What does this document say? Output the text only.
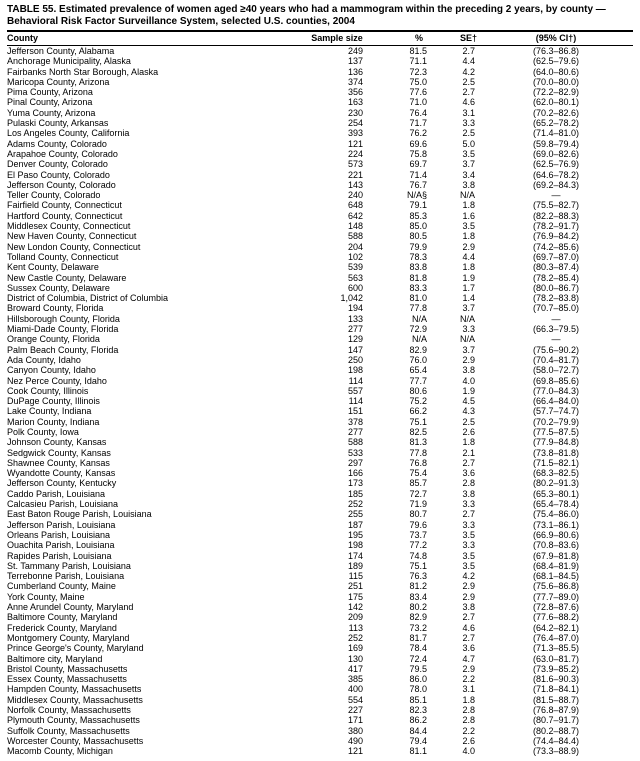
TABLE 55. Estimated prevalence of women aged ≥40 years who had a mammogram within the preceding 2 years, by county —
Behavioral Risk Factor Surveillance System, selected U.S. counties, 2004
County	Sample size	%	SE†	(95% CI†)
Jefferson County, Alabama	249	81.5	2.7	(76.3–86.8)
Anchorage Municipality, Alaska	137	71.1	4.4	(62.5–79.6)
Fairbanks North Star Borough, Alaska	136	72.3	4.2	(64.0–80.6)
Maricopa County, Arizona	374	75.0	2.5	(70.0–80.0)
Pima County, Arizona	356	77.6	2.7	(72.2–82.9)
Pinal County, Arizona	163	71.0	4.6	(62.0–80.1)
Yuma County, Arizona	230	76.4	3.1	(70.2–82.6)
Pulaski County, Arkansas	254	71.7	3.3	(65.2–78.2)
Los Angeles County, California	393	76.2	2.5	(71.4–81.0)
Adams County, Colorado	121	69.6	5.0	(59.8–79.4)
Arapahoe County, Colorado	224	75.8	3.5	(69.0–82.6)
Denver County, Colorado	573	69.7	3.7	(62.5–76.9)
El Paso County, Colorado	221	71.4	3.4	(64.6–78.2)
Jefferson County, Colorado	143	76.7	3.8	(69.2–84.3)
Teller County, Colorado	240	N/A§	N/A	—
Fairfield County, Connecticut	648	79.1	1.8	(75.5–82.7)
Hartford County, Connecticut	642	85.3	1.6	(82.2–88.3)
Middlesex County, Connecticut	148	85.0	3.5	(78.2–91.7)
New Haven County, Connecticut	588	80.5	1.8	(76.9–84.2)
New London County, Connecticut	204	79.9	2.9	(74.2–85.6)
Tolland County, Connecticut	102	78.3	4.4	(69.7–87.0)
Kent County, Delaware	539	83.8	1.8	(80.3–87.4)
New Castle County, Delaware	563	81.8	1.9	(78.2–85.4)
Sussex County, Delaware	600	83.3	1.7	(80.0–86.7)
District of Columbia, District of Columbia	1,042	81.0	1.4	(78.2–83.8)
Broward County, Florida	194	77.8	3.7	(70.7–85.0)
Hillsborough County, Florida	133	N/A	N/A	—
Miami-Dade County, Florida	277	72.9	3.3	(66.3–79.5)
Orange County, Florida	129	N/A	N/A	—
Palm Beach County, Florida	147	82.9	3.7	(75.6–90.2)
Ada County, Idaho	250	76.0	2.9	(70.4–81.7)
Canyon County, Idaho	198	65.4	3.8	(58.0–72.7)
Nez Perce County, Idaho	114	77.7	4.0	(69.8–85.6)
Cook County, Illinois	557	80.6	1.9	(77.0–84.3)
DuPage County, Illinois	114	75.2	4.5	(66.4–84.0)
Lake County, Indiana	151	66.2	4.3	(57.7–74.7)
Marion County, Indiana	378	75.1	2.5	(70.2–79.9)
Polk County, Iowa	277	82.5	2.6	(77.5–87.5)
Johnson County, Kansas	588	81.3	1.8	(77.9–84.8)
Sedgwick County, Kansas	533	77.8	2.1	(73.8–81.8)
Shawnee County, Kansas	297	76.8	2.7	(71.5–82.1)
Wyandotte County, Kansas	166	75.4	3.6	(68.3–82.5)
Jefferson County, Kentucky	173	85.7	2.8	(80.2–91.3)
Caddo Parish, Louisiana	185	72.7	3.8	(65.3–80.1)
Calcasieu Parish, Louisiana	252	71.9	3.3	(65.4–78.4)
East Baton Rouge Parish, Louisiana	255	80.7	2.7	(75.4–86.0)
Jefferson Parish, Louisiana	187	79.6	3.3	(73.1–86.1)
Orleans Parish, Louisiana	195	73.7	3.5	(66.9–80.6)
Ouachita Parish, Louisiana	198	77.2	3.3	(70.8–83.6)
Rapides Parish, Louisiana	174	74.8	3.5	(67.9–81.8)
St. Tammany Parish, Louisiana	189	75.1	3.5	(68.4–81.9)
Terrebonne Parish, Louisiana	115	76.3	4.2	(68.1–84.5)
Cumberland County, Maine	251	81.2	2.9	(75.6–86.8)
York County, Maine	175	83.4	2.9	(77.7–89.0)
Anne Arundel County, Maryland	142	80.2	3.8	(72.8–87.6)
Baltimore County, Maryland	209	82.9	2.7	(77.6–88.2)
Frederick County, Maryland	113	73.2	4.6	(64.2–82.1)
Montgomery County, Maryland	252	81.7	2.7	(76.4–87.0)
Prince George's County, Maryland	169	78.4	3.6	(71.3–85.5)
Baltimore city, Maryland	130	72.4	4.7	(63.0–81.7)
Bristol County, Massachusetts	417	79.5	2.9	(73.9–85.2)
Essex County, Massachusetts	385	86.0	2.2	(81.6–90.3)
Hampden County, Massachusetts	400	78.0	3.1	(71.8–84.1)
Middlesex County, Massachusetts	554	85.1	1.8	(81.5–88.7)
Norfolk County, Massachusetts	227	82.3	2.8	(76.8–87.9)
Plymouth County, Massachusetts	171	86.2	2.8	(80.7–91.7)
Suffolk County, Massachusetts	380	84.4	2.2	(80.2–88.7)
Worcester County, Massachusetts	490	79.4	2.6	(74.4–84.4)
Macomb County, Michigan	121	81.1	4.0	(73.3–88.9)
